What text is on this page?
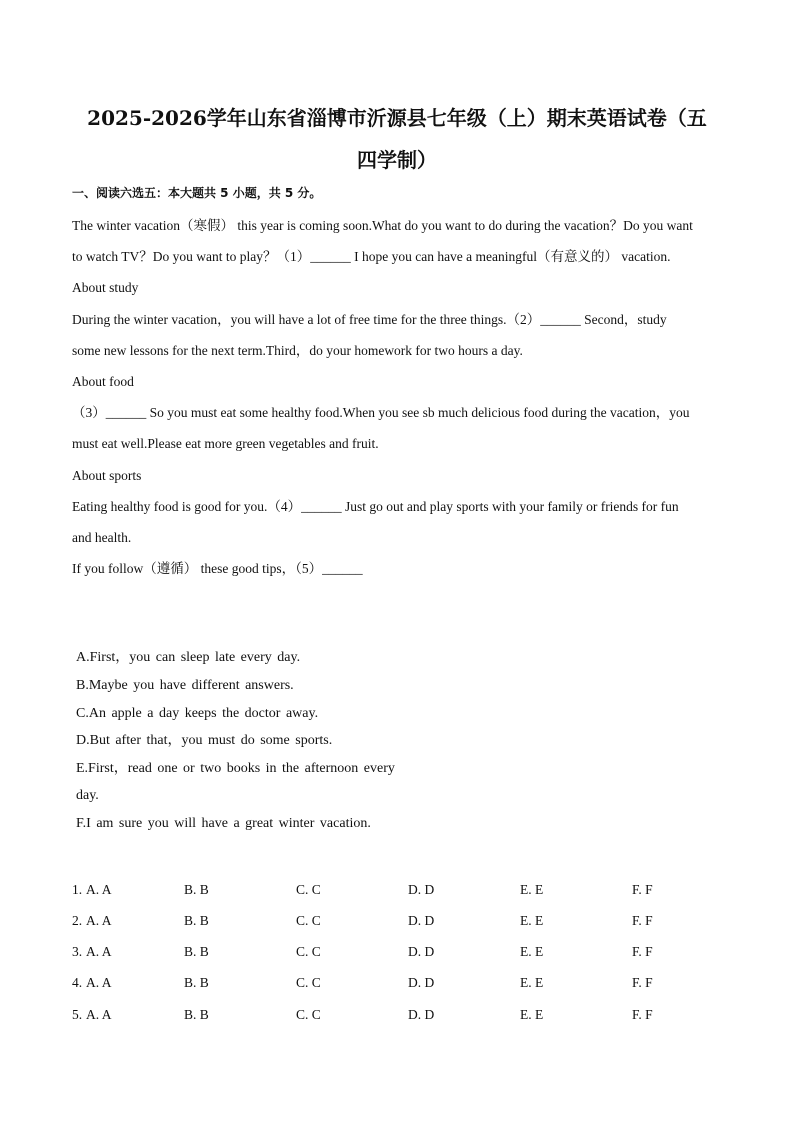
2025-2026学年山东省淄博市沂源县七年级（上）期末英语试卷（五
四学制）
一、阅读六选五：本大题共 5 小题，共 5 分。
The winter vacation（寒假） this year is coming soon.What do you want to do during the vacation？Do you want
to watch TV？Do you want to play？（1）______ I hope you can have a meaningful（有意义的） vacation.
About study
During the winter vacation，you will have a lot of free time for the three things.（2）______ Second，study
some new lessons for the next term.Third，do your homework for two hours a day.
About food
（3）______ So you must eat some healthy food.When you see sb much delicious food during the vacation，you
must eat well.Please eat more green vegetables and fruit.
About sports
Eating healthy food is good for you.（4）______ Just go out and play sports with your family or friends for fun
and health.
If you follow（遵循） these good tips，（5）______
A.First，you can sleep late every day.
B.Maybe you have different answers.
C.An apple a day keeps the doctor away.
D.But after that，you must do some sports.
E.First，read one or two books in the afternoon every
day.
F.I am sure you will have a great winter vacation.
1. A. A	B. B	C. C	D. D	E. E	F. F
2. A. A	B. B	C. C	D. D	E. E	F. F
3. A. A	B. B	C. C	D. D	E. E	F. F
4. A. A	B. B	C. C	D. D	E. E	F. F
5. A. A	B. B	C. C	D. D	E. E	F. F
